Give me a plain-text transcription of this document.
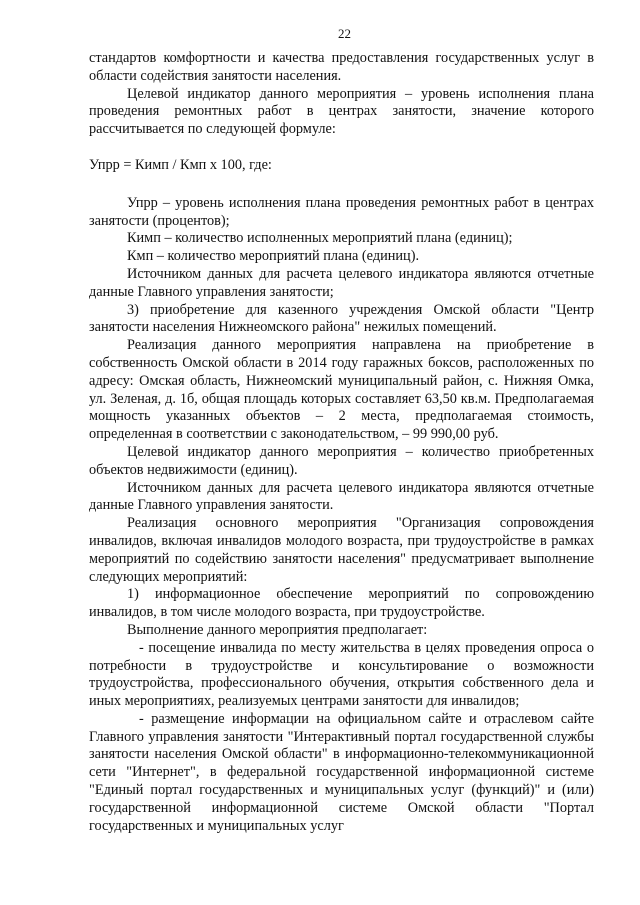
22

стандартов комфортности и качества предоставления государственных услуг в области содействия занятости населения.

Целевой индикатор данного мероприятия – уровень исполнения плана проведения ремонтных работ в центрах занятости, значение которого рассчитывается по следующей формуле:

Упрр = Кимп / Кмп х 100, где:

Упрр – уровень исполнения плана проведения ремонтных работ в центрах занятости (процентов);

Кимп – количество исполненных мероприятий плана (единиц);

Кмп – количество мероприятий плана (единиц).

Источником данных для расчета целевого индикатора являются отчетные данные Главного управления занятости;

3) приобретение для казенного учреждения Омской области "Центр занятости населения Нижнеомского района" нежилых помещений.

Реализация данного мероприятия направлена на приобретение в собственность Омской области в 2014 году гаражных боксов, расположенных по адресу: Омская область, Нижнеомский муниципальный район, с. Нижняя Омка, ул. Зеленая, д. 1б, общая площадь которых составляет 63,50 кв.м. Предполагаемая мощность указанных объектов – 2 места, предполагаемая стоимость, определенная в соответствии с законодательством, – 99 990,00 руб.

Целевой индикатор данного мероприятия – количество приобретенных объектов недвижимости (единиц).

Источником данных для расчета целевого индикатора являются отчетные данные Главного управления занятости.

Реализация основного мероприятия "Организация сопровождения инвалидов, включая инвалидов молодого возраста, при трудоустройстве в рамках мероприятий по содействию занятости населения" предусматривает выполнение следующих мероприятий:

1) информационное обеспечение мероприятий по сопровождению инвалидов, в том числе молодого возраста, при трудоустройстве.

Выполнение данного мероприятия предполагает:

- посещение инвалида по месту жительства в целях проведения опроса о потребности в трудоустройстве и консультирование о возможности трудоустройства, профессионального обучения, открытия собственного дела и иных мероприятиях, реализуемых центрами занятости для инвалидов;

- размещение информации на официальном сайте и отраслевом сайте Главного управления занятости "Интерактивный портал государственной службы занятости населения Омской области" в информационно-телекоммуникационной сети "Интернет", в федеральной государственной информационной системе "Единый портал государственных и муниципальных услуг (функций)" и (или) государственной информационной системе Омской области "Портал государственных и муниципальных услуг
